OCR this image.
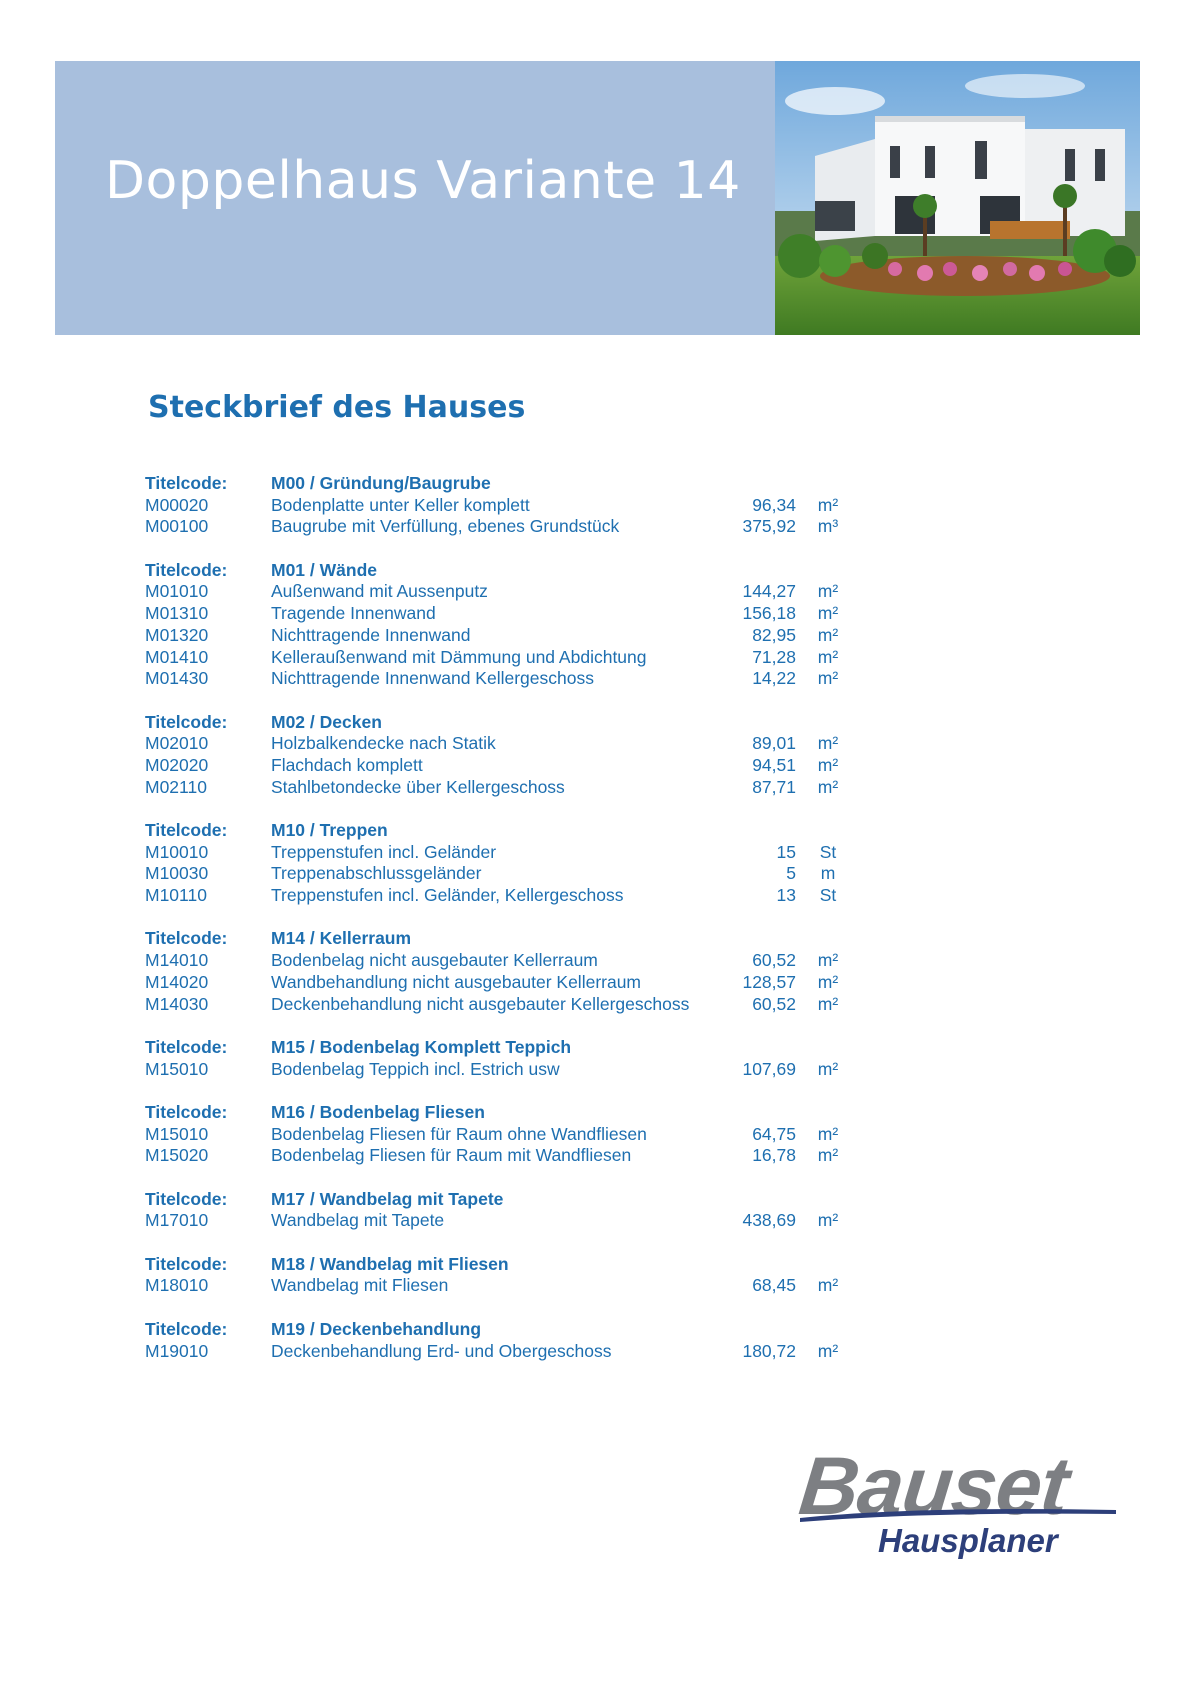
Doppelhaus Variante 14
Steckbrief des Hauses
Titelcode: M00 / Gründung/Baugrube
M00020	Bodenplatte unter Keller komplett	96,34 m²
M00100	Baugrube mit Verfüllung, ebenes Grundstück	375,92 m³
Titelcode: M01 / Wände
M01010	Außenwand mit Aussenputz	144,27 m²
M01310	Tragende Innenwand	156,18 m²
M01320	Nichttragende Innenwand	82,95 m²
M01410	Kelleraußenwand mit Dämmung und Abdichtung	71,28 m²
M01430	Nichttragende Innenwand Kellergeschoss	14,22 m²
Titelcode: M02 / Decken
M02010	Holzbalkendecke nach Statik	89,01 m²
M02020	Flachdach komplett	94,51 m²
M02110	Stahlbetondecke über Kellergeschoss	87,71 m²
Titelcode: M10 / Treppen
M10010	Treppenstufen incl. Geländer	15	St
M10030	Treppenabschlussgeländer	5	m
M10110	Treppenstufen incl. Geländer, Kellergeschoss	13	St
Titelcode: M14 / Kellerraum
M14010	Bodenbelag nicht ausgebauter Kellerraum	60,52 m²
M14020	Wandbehandlung nicht ausgebauter Kellerraum	128,57 m²
M14030	Deckenbehandlung nicht ausgebauter Kellergeschoss	60,52 m²
Titelcode: M15 / Bodenbelag Komplett Teppich
M15010	Bodenbelag Teppich incl. Estrich usw	107,69 m²
Titelcode: M16 / Bodenbelag Fliesen
M15010	Bodenbelag Fliesen für Raum ohne Wandfliesen	64,75 m²
M15020	Bodenbelag Fliesen für Raum mit Wandfliesen	16,78 m²
Titelcode: M17 / Wandbelag mit Tapete
M17010	Wandbelag mit Tapete	438,69 m²
Titelcode: M18 / Wandbelag mit Fliesen
M18010	Wandbelag mit Fliesen	68,45 m²
Titelcode: M19 / Deckenbehandlung
M19010	Deckenbehandlung Erd- und Obergeschoss	180,72 m²
Bauset
Hausplaner
